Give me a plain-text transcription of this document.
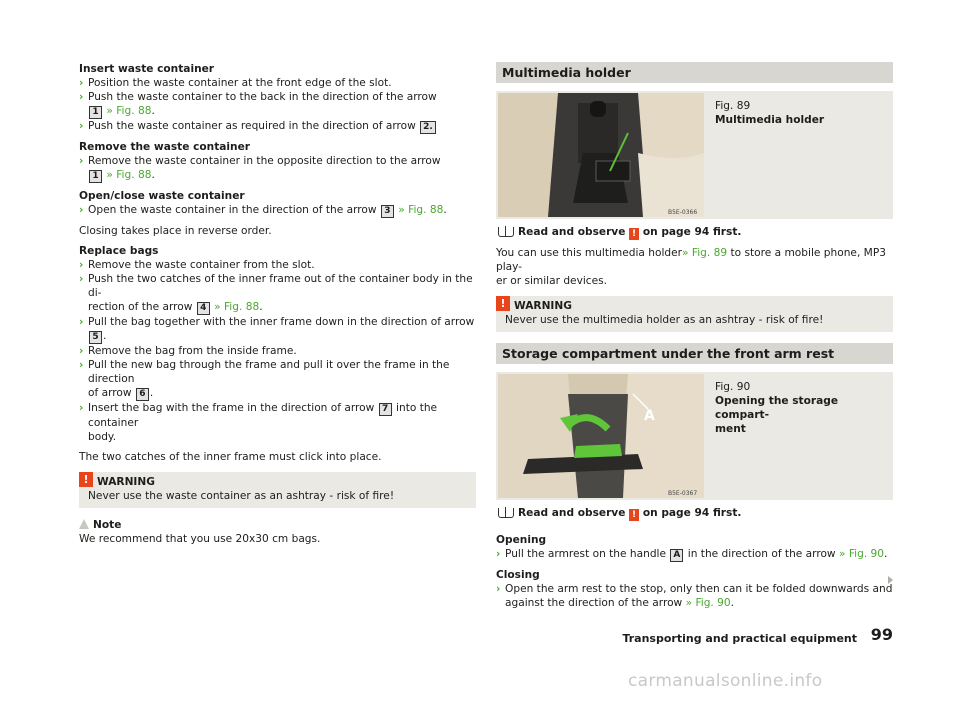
Insert waste container

› Position the waste container at the front edge of the slot.

› Push the waste container to the back in the direction of the arrow
1 » Fig. 88.

› Push the waste container as required in the direction of arrow 2.

Remove the waste container

› Remove the waste container in the opposite direction to the arrow
1 » Fig. 88.

Open/close waste container

› Open the waste container in the direction of the arrow 3 » Fig. 88.

Closing takes place in reverse order.

Replace bags

› Remove the waste container from the slot.

› Push the two catches of the inner frame out of the container body in the di-
rection of the arrow 4 » Fig. 88.

› Pull the bag together with the inner frame down in the direction of arrow 5 .

› Remove the bag from the inside frame.

› Pull the new bag through the frame and pull it over the frame in the direction
of arrow 6 .

› Insert the bag with the frame in the direction of arrow 7 into the container
body.

The two catches of the inner frame must click into place.

! WARNING

Never use the waste container as an ashtray - risk of fire!

Note

We recommend that you use 20x30 cm bags.

Multimedia holder
B5E-0366

Fig. 89

Multimedia holder

Read and observe ! on page 94 first.

You can use this multimedia holder» Fig. 89 to store a mobile phone, MP3 play-
er or similar devices.

! WARNING

Never use the multimedia holder as an ashtray - risk of fire!

Storage compartment under the front arm rest
A
B5E-0367

Fig. 90

Opening the storage compart-
ment

Read and observe ! on page 94 first.

Opening

› Pull the armrest on the handle A in the direction of the arrow » Fig. 90.

Closing

› Open the arm rest to the stop, only then can it be folded downwards and
against the direction of the arrow » Fig. 90.

Transporting and practical equipment 99
carmanualsonline.info
